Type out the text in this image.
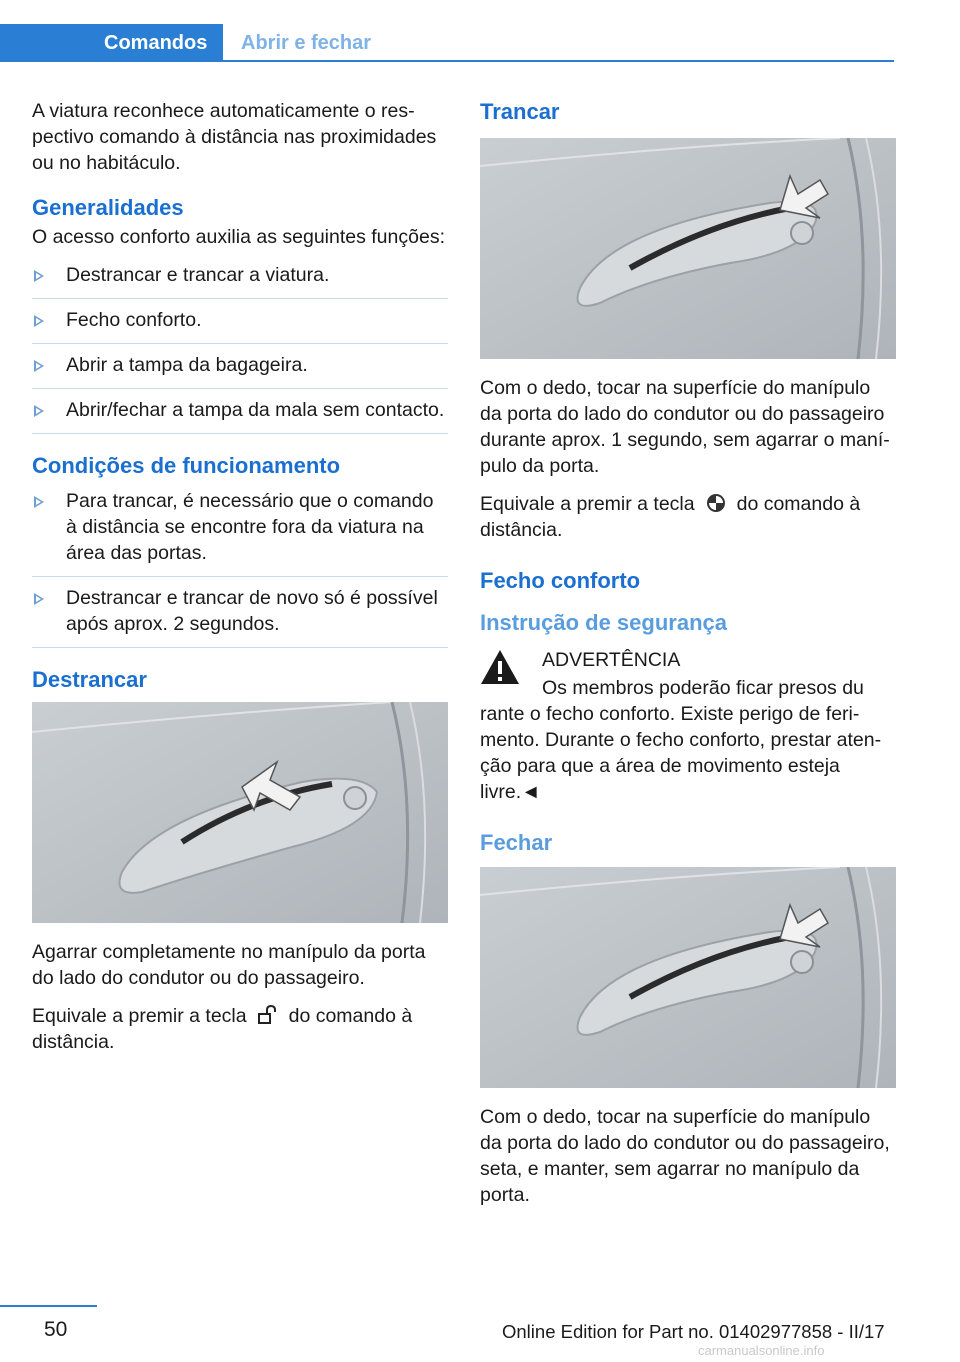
Comandos	Abrir e fechar

A viatura reconhece automaticamente o respectivo comando à distância nas proximidades ou no habitáculo.

Generalidades

O acesso conforto auxilia as seguintes funções:

Destrancar e trancar a viatura.
Fecho conforto.
Abrir a tampa da bagageira.
Abrir/fechar a tampa da mala sem contacto.
Condições de funcionamento
Para trancar, é necessário que o comando à distância se encontre fora da viatura na área das portas.
Destrancar e trancar de novo só é possível após aprox. 2 segundos.
Destrancar

Agarrar completamente no manípulo da porta do lado do condutor ou do passageiro.

Equivale a premir a tecla do comando à distância.

Trancar

Com o dedo, tocar na superfície do manípulo da porta do lado do condutor ou do passageiro durante aprox. 1 segundo, sem agarrar o manípulo da porta.

Equivale a premir a tecla do comando à distância.

Fecho conforto
Instrução de segurança
ADVERTÊNCIA
Os membros poderão ficar presos du

rante o fecho conforto. Existe perigo de ferimento. Durante o fecho conforto, prestar atenção para que a área de movimento esteja livre.◄

Fechar

Com o dedo, tocar na superfície do manípulo da porta do lado do condutor ou do passageiro, seta, e manter, sem agarrar no manípulo da porta.

50	Online Edition for Part no. 01402977858 - II/17
carmanualsonline.info
